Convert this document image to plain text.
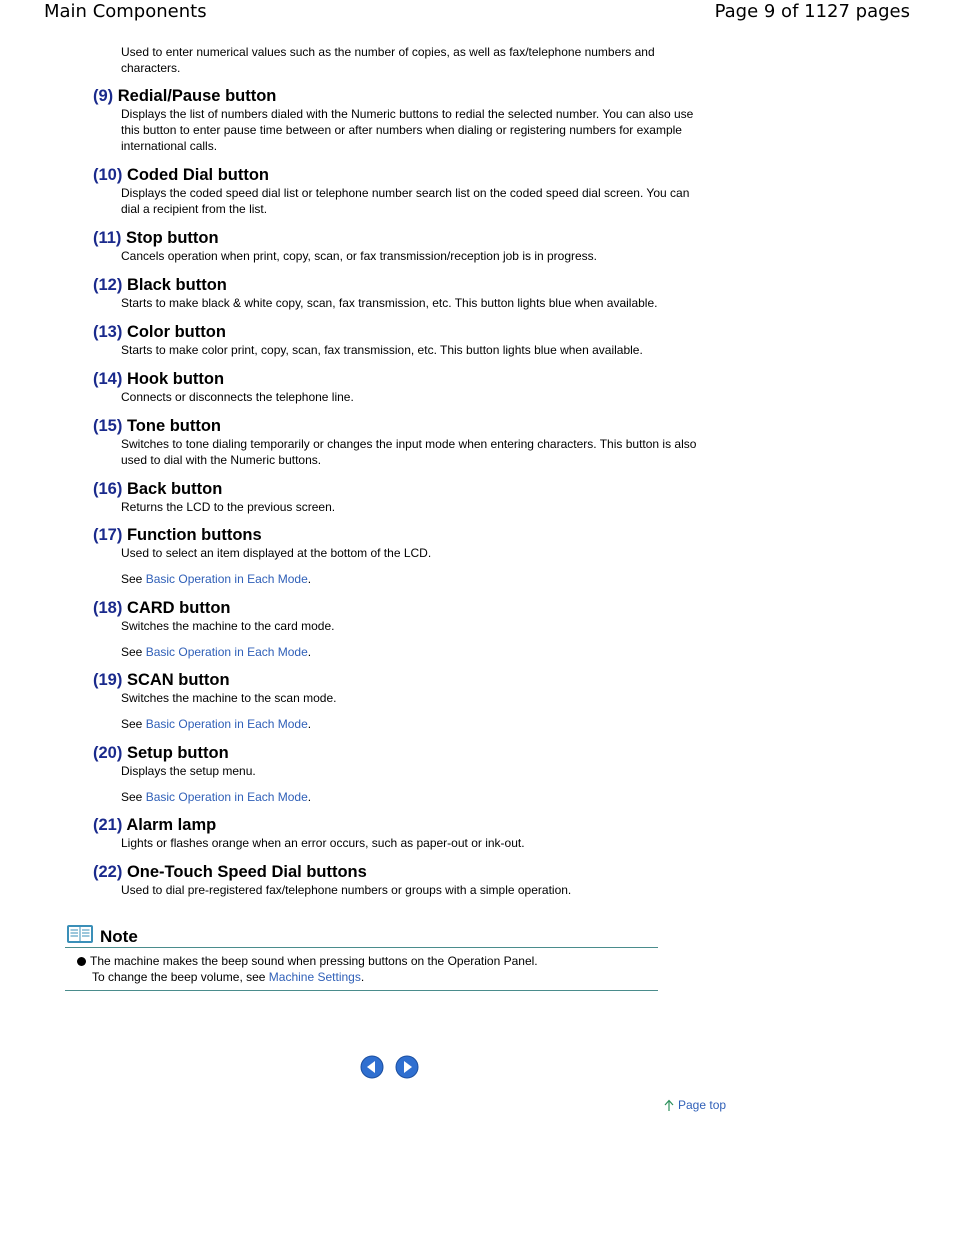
Main Components	Page 9 of 1127 pages
Used to enter numerical values such as the number of copies, as well as fax/telephone numbers and characters.
(9) Redial/Pause button
Displays the list of numbers dialed with the Numeric buttons to redial the selected number. You can also use this button to enter pause time between or after numbers when dialing or registering numbers for example international calls.
(10) Coded Dial button
Displays the coded speed dial list or telephone number search list on the coded speed dial screen. You can dial a recipient from the list.
(11) Stop button
Cancels operation when print, copy, scan, or fax transmission/reception job is in progress.
(12) Black button
Starts to make black & white copy, scan, fax transmission, etc. This button lights blue when available.
(13) Color button
Starts to make color print, copy, scan, fax transmission, etc. This button lights blue when available.
(14) Hook button
Connects or disconnects the telephone line.
(15) Tone button
Switches to tone dialing temporarily or changes the input mode when entering characters. This button is also used to dial with the Numeric buttons.
(16) Back button
Returns the LCD to the previous screen.
(17) Function buttons
Used to select an item displayed at the bottom of the LCD.
See Basic Operation in Each Mode.
(18) CARD button
Switches the machine to the card mode.
See Basic Operation in Each Mode.
(19) SCAN button
Switches the machine to the scan mode.
See Basic Operation in Each Mode.
(20) Setup button
Displays the setup menu.
See Basic Operation in Each Mode.
(21) Alarm lamp
Lights or flashes orange when an error occurs, such as paper-out or ink-out.
(22) One-Touch Speed Dial buttons
Used to dial pre-registered fax/telephone numbers or groups with a simple operation.
Note
The machine makes the beep sound when pressing buttons on the Operation Panel.
To change the beep volume, see Machine Settings.
Page top
